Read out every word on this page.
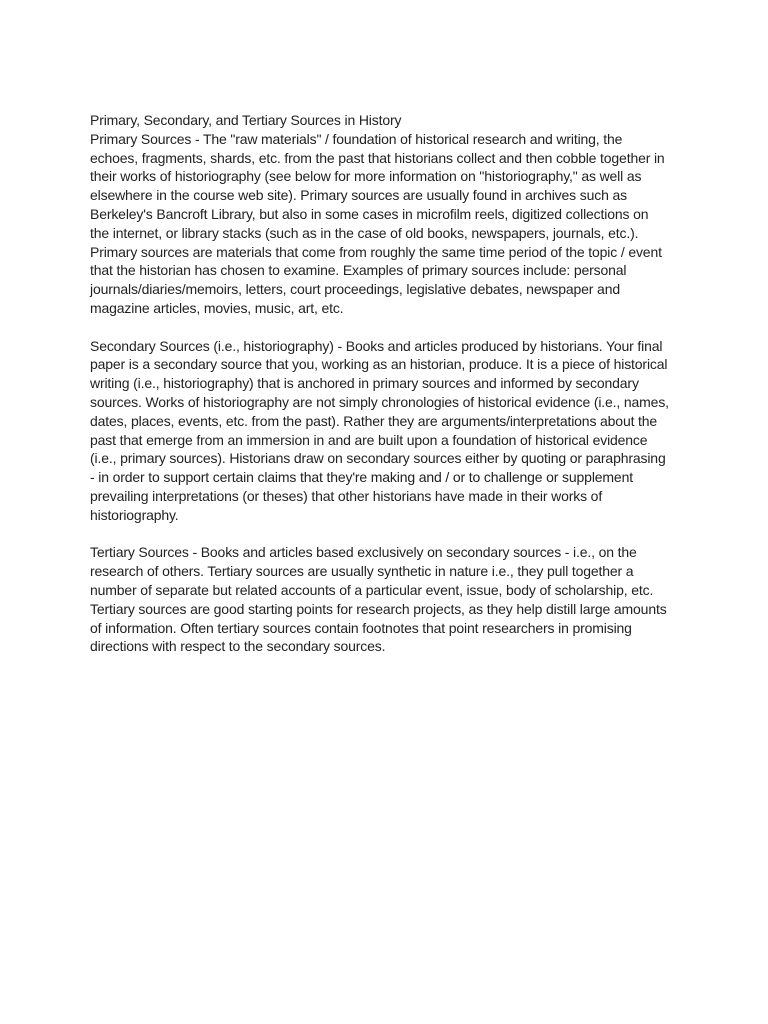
Primary, Secondary, and Tertiary Sources in History

Primary Sources - The "raw materials" / foundation of historical research and writing, the
echoes, fragments, shards, etc. from the past that historians collect and then cobble together in
their works of historiography (see below for more information on "historiography," as well as
elsewhere in the course web site). Primary sources are usually found in archives such as
Berkeley's Bancroft Library, but also in some cases in microfilm reels, digitized collections on
the internet, or library stacks (such as in the case of old books, newspapers, journals, etc.).
Primary sources are materials that come from roughly the same time period of the topic / event
that the historian has chosen to examine. Examples of primary sources include: personal
journals/diaries/memoirs, letters, court proceedings, legislative debates, newspaper and
magazine articles, movies, music, art, etc.

Secondary Sources (i.e., historiography) - Books and articles produced by historians. Your final
paper is a secondary source that you, working as an historian, produce. It is a piece of historical
writing (i.e., historiography) that is anchored in primary sources and informed by secondary
sources. Works of historiography are not simply chronologies of historical evidence (i.e., names,
dates, places, events, etc. from the past). Rather they are arguments/interpretations about the
past that emerge from an immersion in and are built upon a foundation of historical evidence
(i.e., primary sources). Historians draw on secondary sources either by quoting or paraphrasing
- in order to support certain claims that they're making and / or to challenge or supplement
prevailing interpretations (or theses) that other historians have made in their works of
historiography.

Tertiary Sources - Books and articles based exclusively on secondary sources - i.e., on the
research of others. Tertiary sources are usually synthetic in nature i.e., they pull together a
number of separate but related accounts of a particular event, issue, body of scholarship, etc.
Tertiary sources are good starting points for research projects, as they help distill large amounts
of information. Often tertiary sources contain footnotes that point researchers in promising
directions with respect to the secondary sources.
